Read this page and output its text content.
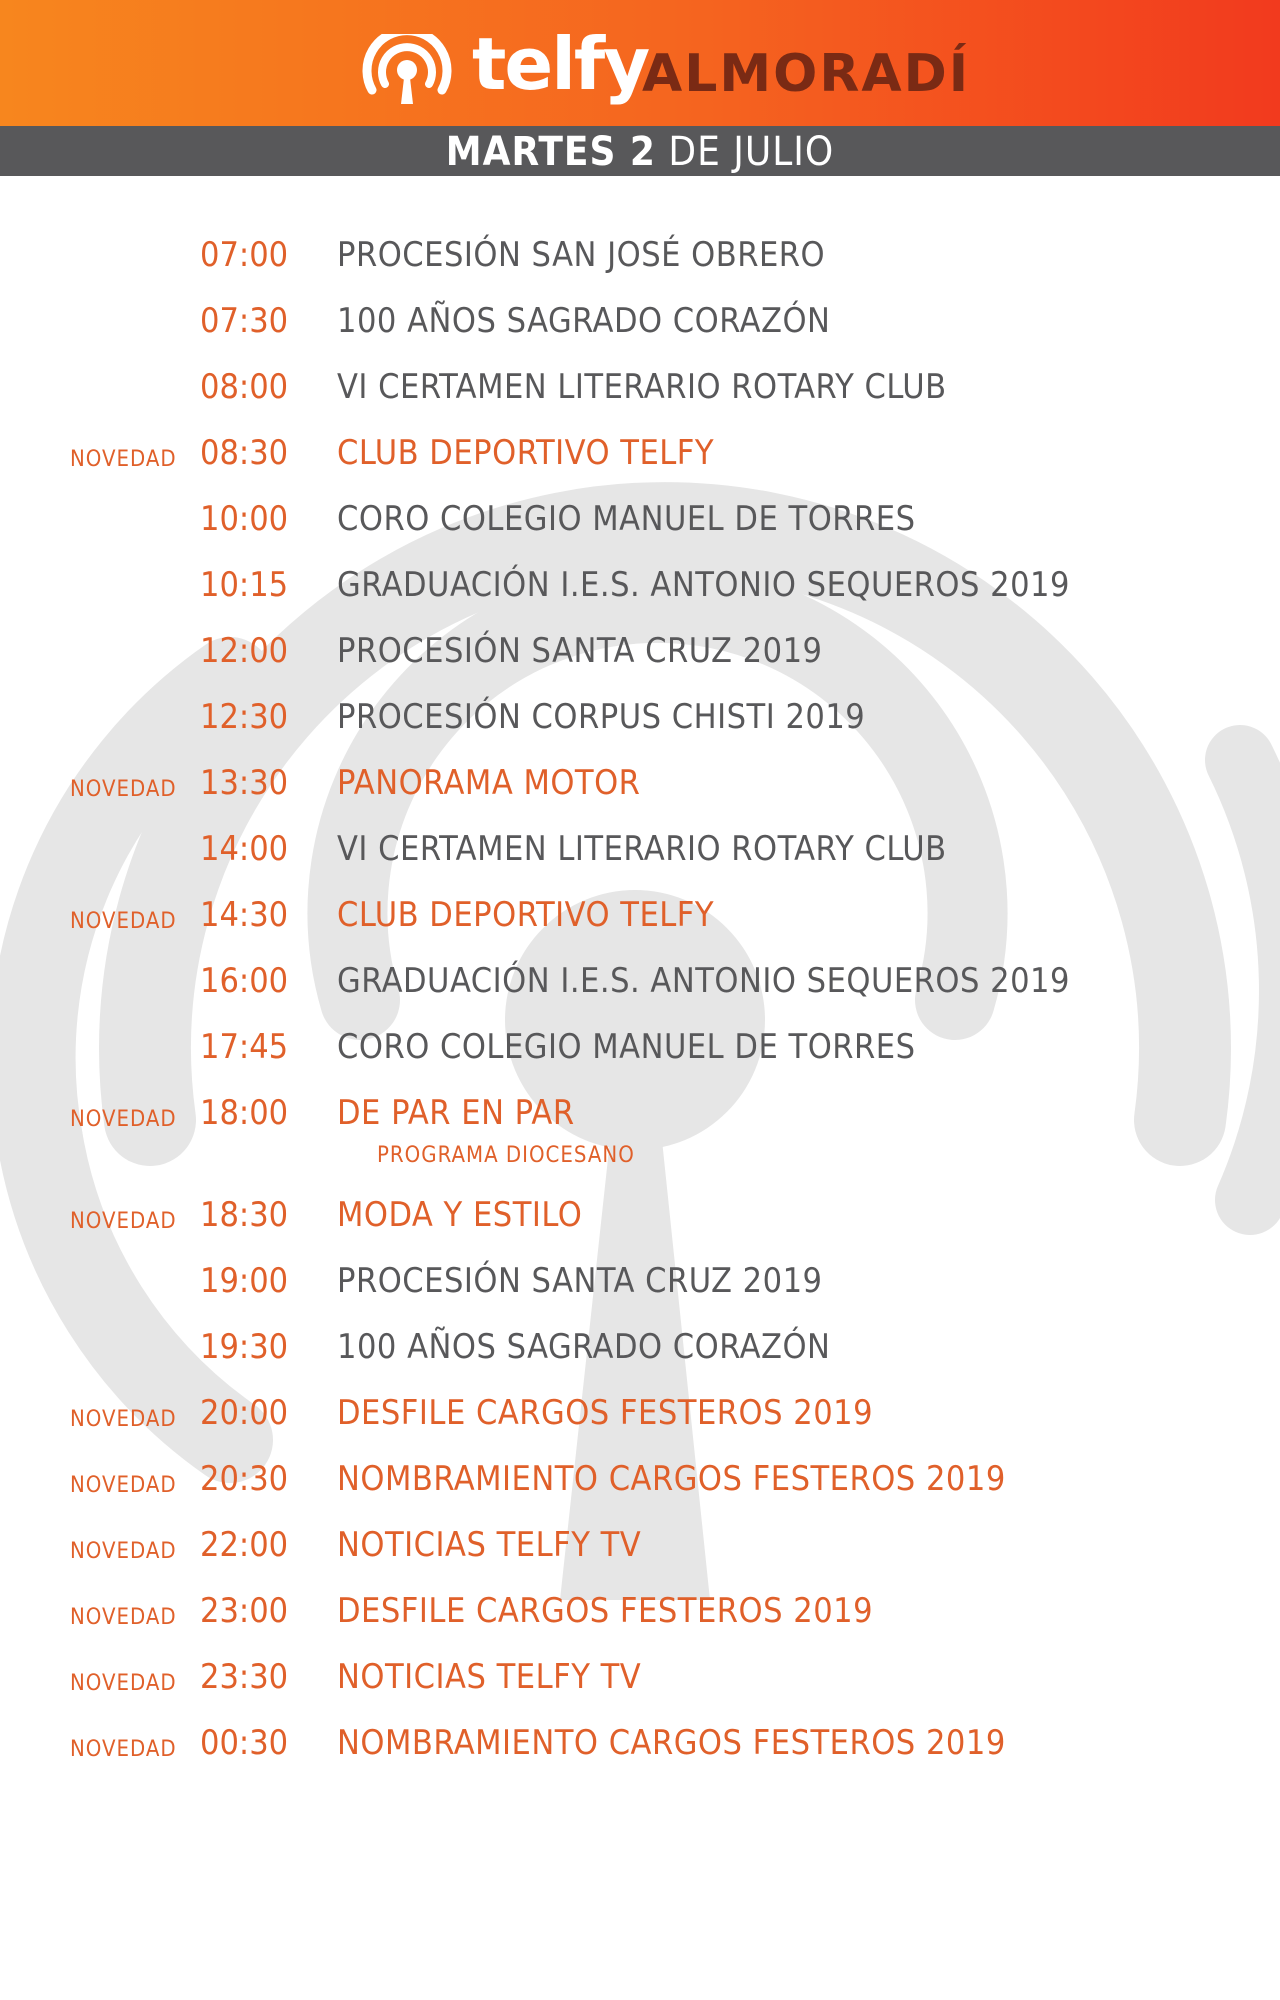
telfy
ALMORADÍ
MARTES 2 DE JULIO
07:00 PROCESIÓN SAN JOSÉ OBRERO
07:30 100 AÑOS SAGRADO CORAZÓN
08:00 VI CERTAMEN LITERARIO ROTARY CLUB
NOVEDAD 08:30 CLUB DEPORTIVO TELFY
10:00 CORO COLEGIO MANUEL DE TORRES
10:15 GRADUACIÓN I.E.S. ANTONIO SEQUEROS 2019
12:00 PROCESIÓN SANTA CRUZ 2019
12:30 PROCESIÓN CORPUS CHISTI 2019
NOVEDAD 13:30 PANORAMA MOTOR
14:00 VI CERTAMEN LITERARIO ROTARY CLUB
NOVEDAD 14:30 CLUB DEPORTIVO TELFY
16:00 GRADUACIÓN I.E.S. ANTONIO SEQUEROS 2019
17:45 CORO COLEGIO MANUEL DE TORRES
NOVEDAD 18:00 DE PAR EN PAR
PROGRAMA DIOCESANO
NOVEDAD 18:30 MODA Y ESTILO
19:00 PROCESIÓN SANTA CRUZ 2019
19:30 100 AÑOS SAGRADO CORAZÓN
NOVEDAD 20:00 DESFILE CARGOS FESTEROS 2019
NOVEDAD 20:30 NOMBRAMIENTO CARGOS FESTEROS 2019
NOVEDAD 22:00 NOTICIAS TELFY TV
NOVEDAD 23:00 DESFILE CARGOS FESTEROS 2019
NOVEDAD 23:30 NOTICIAS TELFY TV
NOVEDAD 00:30 NOMBRAMIENTO CARGOS FESTEROS 2019
